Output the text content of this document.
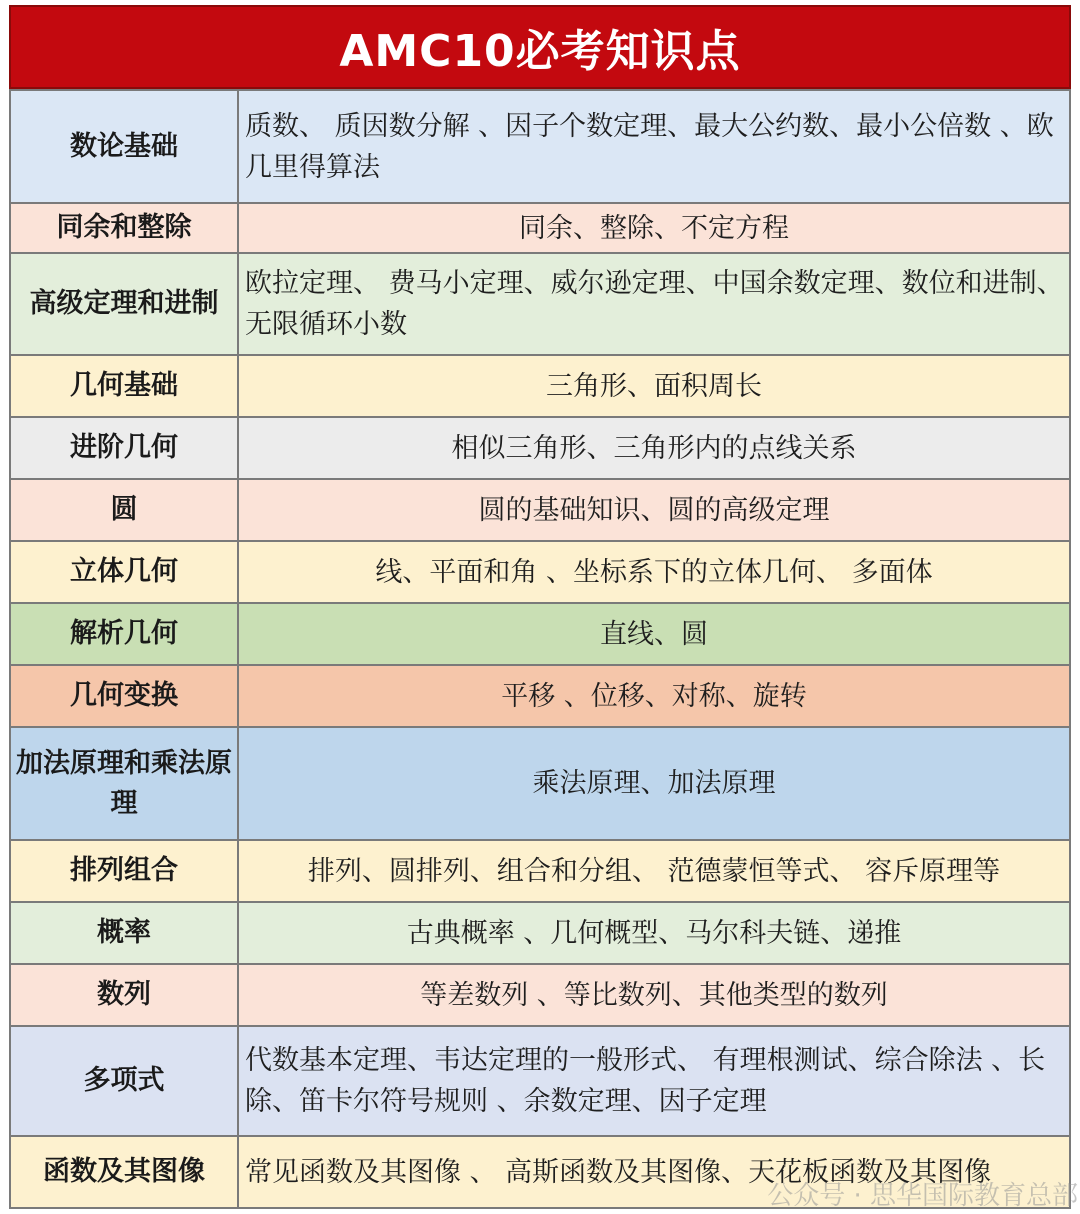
AMC10必考知识点
数论基础	质数、 质因数分解 、因子个数定理、最大公约数、最小公倍数 、欧几里得算法
同余和整除	同余、整除、不定方程
高级定理和进制	欧拉定理、 费马小定理、威尔逊定理、中国余数定理、数位和进制、无限循环小数
几何基础	三角形、面积周长
进阶几何	相似三角形、三角形内的点线关系
圆	圆的基础知识、圆的高级定理
立体几何	线、平面和角 、坐标系下的立体几何、 多面体
解析几何	直线、圆
几何变换	平移 、位移、对称、旋转
加法原理和乘法原理	乘法原理、加法原理
排列组合	排列、圆排列、组合和分组、 范德蒙恒等式、 容斥原理等
概率	古典概率 、几何概型、马尔科夫链、递推
数列	等差数列 、等比数列、其他类型的数列
多项式	代数基本定理、韦达定理的一般形式、 有理根测试、综合除法 、长除、笛卡尔符号规则 、余数定理、因子定理
函数及其图像	常见函数及其图像 、 高斯函数及其图像、天花板函数及其图像
公众号 · 思华国际教育总部
